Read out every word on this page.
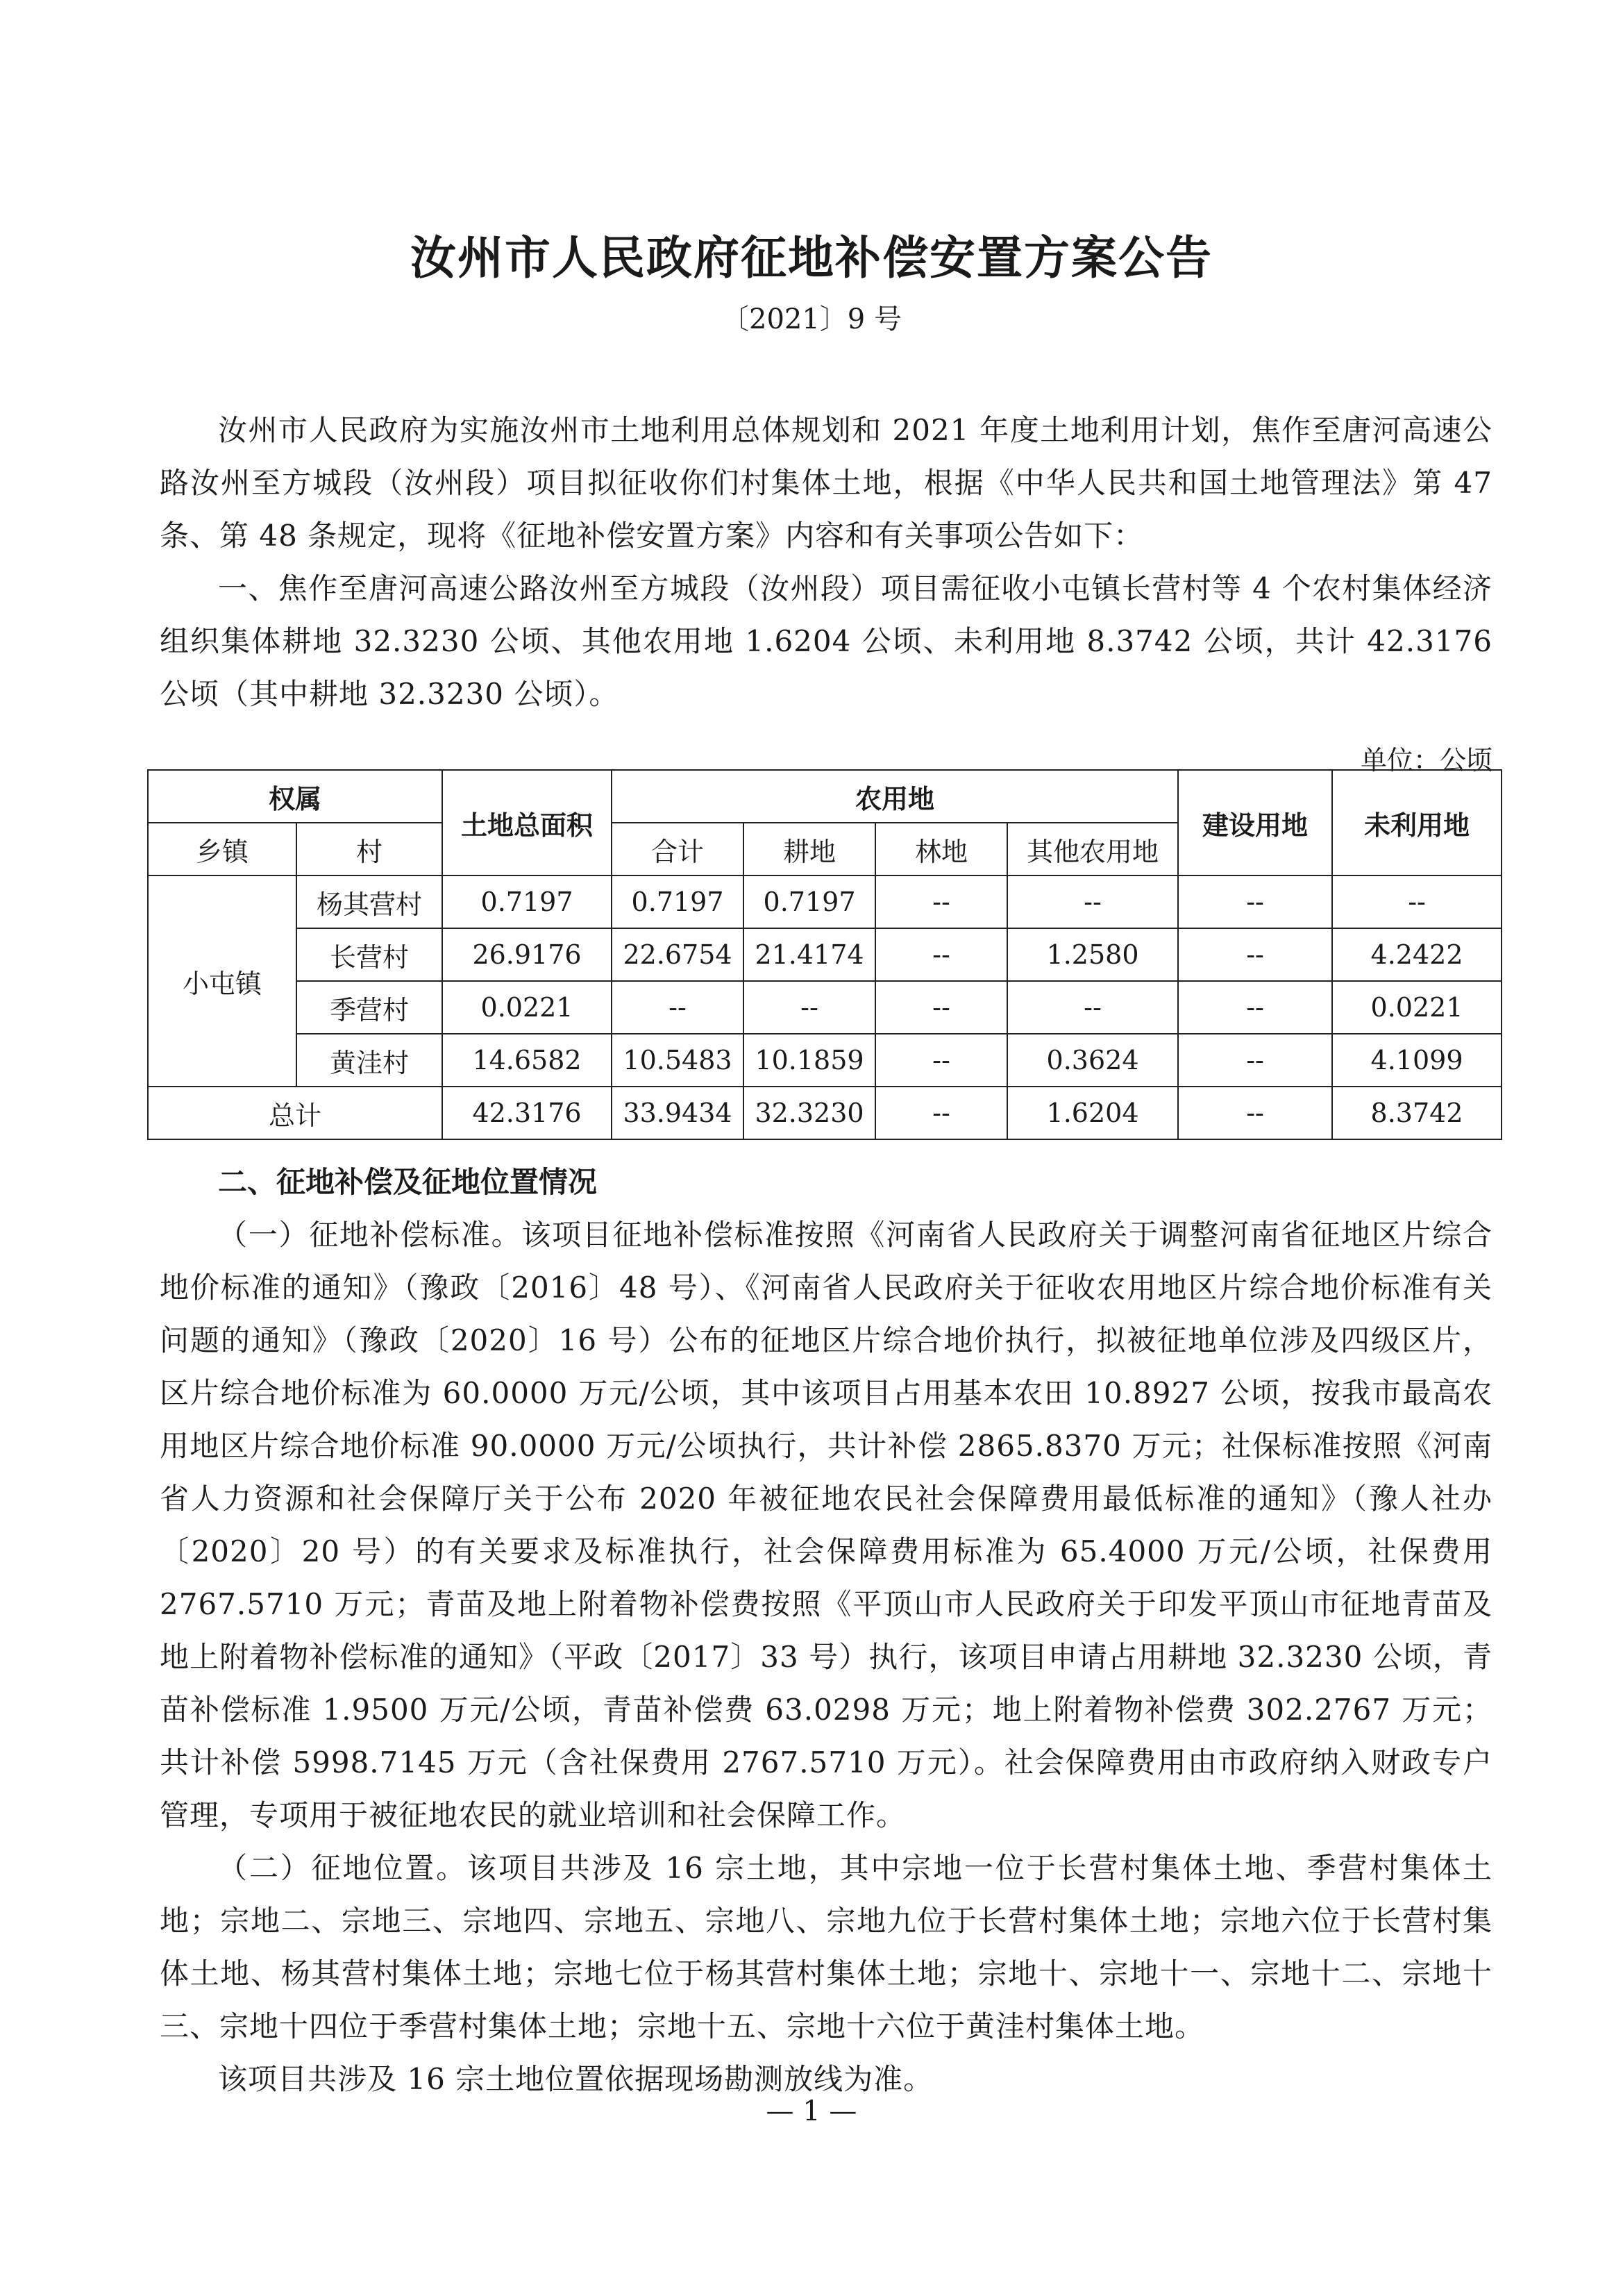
汝州市人民政府征地补偿安置方案公告
〔2021〕9 号

汝州市人民政府为实施汝州市土地利用总体规划和 2021 年度土地利用计划，焦作至唐河高速公路汝州至方城段（汝州段）项目拟征收你们村集体土地，根据《中华人民共和国土地管理法》第 47 条、第 48 条规定，现将《征地补偿安置方案》内容和有关事项公告如下：

一、焦作至唐河高速公路汝州至方城段（汝州段）项目需征收小屯镇长营村等 4 个农村集体经济组织集体耕地 32.3230 公顷、其他农用地 1.6204 公顷、未利用地 8.3742 公顷，共计 42.3176 公顷（其中耕地 32.3230 公顷）。

单位：公顷
权属		土地总面积	农用地				建设用地	未利用地
乡镇	村		合计	耕地	林地	其他农用地		
小屯镇	杨其营村	0.7197	0.7197	0.7197	--	--	--	--
	长营村	26.9176	22.6754	21.4174	--	1.2580	--	4.2422
	季营村	0.0221	--	--	--	--	--	0.0221
	黄洼村	14.6582	10.5483	10.1859	--	0.3624	--	4.1099
总计		42.3176	33.9434	32.3230	--	1.6204	--	8.3742

二、征地补偿及征地位置情况

（一）征地补偿标准。该项目征地补偿标准按照《河南省人民政府关于调整河南省征地区片综合地价标准的通知》（豫政〔2016〕48 号）、《河南省人民政府关于征收农用地区片综合地价标准有关问题的通知》（豫政〔2020〕16 号）公布的征地区片综合地价执行，拟被征地单位涉及四级区片，区片综合地价标准为 60.0000 万元/公顷，其中该项目占用基本农田 10.8927 公顷，按我市最高农用地区片综合地价标准 90.0000 万元/公顷执行，共计补偿 2865.8370 万元；社保标准按照《河南省人力资源和社会保障厅关于公布 2020 年被征地农民社会保障费用最低标准的通知》（豫人社办〔2020〕20 号）的有关要求及标准执行，社会保障费用标准为 65.4000 万元/公顷，社保费用 2767.5710 万元；青苗及地上附着物补偿费按照《平顶山市人民政府关于印发平顶山市征地青苗及地上附着物补偿标准的通知》（平政〔2017〕33 号）执行，该项目申请占用耕地 32.3230 公顷，青苗补偿标准 1.9500 万元/公顷，青苗补偿费 63.0298 万元；地上附着物补偿费 302.2767 万元；共计补偿 5998.7145 万元（含社保费用 2767.5710 万元）。社会保障费用由市政府纳入财政专户管理，专项用于被征地农民的就业培训和社会保障工作。

（二）征地位置。该项目共涉及 16 宗土地，其中宗地一位于长营村集体土地、季营村集体土地；宗地二、宗地三、宗地四、宗地五、宗地八、宗地九位于长营村集体土地；宗地六位于长营村集体土地、杨其营村集体土地；宗地七位于杨其营村集体土地；宗地十、宗地十一、宗地十二、宗地十三、宗地十四位于季营村集体土地；宗地十五、宗地十六位于黄洼村集体土地。

该项目共涉及 16 宗土地位置依据现场勘测放线为准。

— 1 —
